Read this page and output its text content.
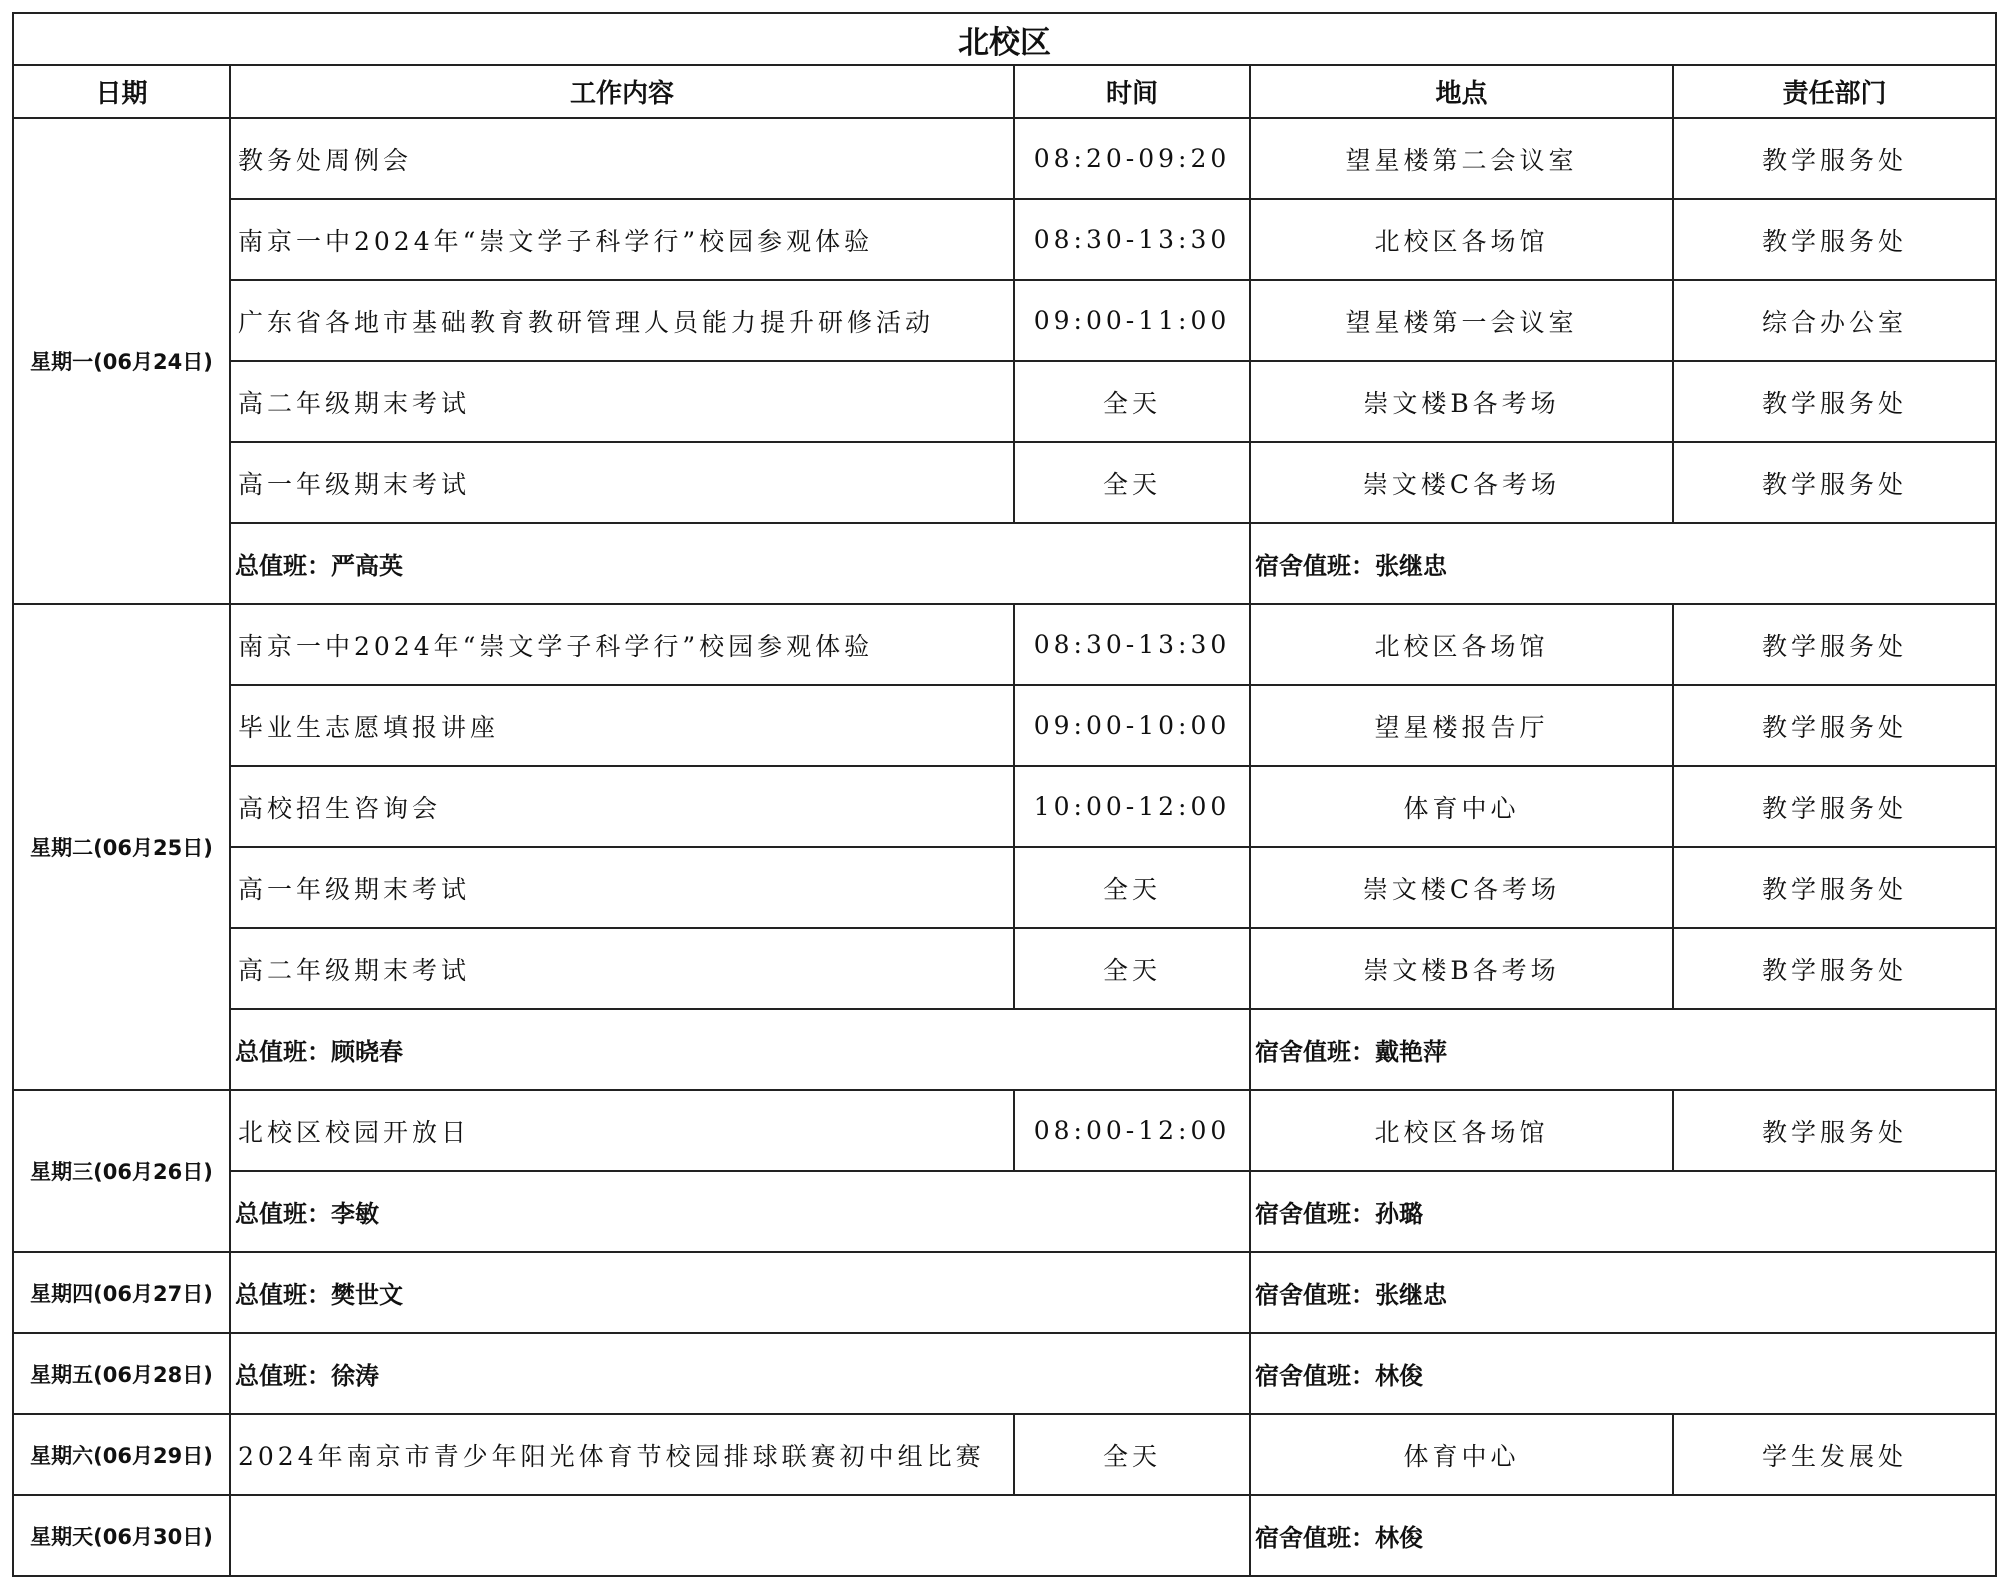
北校区				
日期	工作内容	时间	地点	责任部门
星期一(06月24日)	教务处周例会	08:20-09:20	望星楼第二会议室	教学服务处
	南京一中2024年“崇文学子科学行”校园参观体验	08:30-13:30	北校区各场馆	教学服务处
	广东省各地市基础教育教研管理人员能力提升研修活动	09:00-11:00	望星楼第一会议室	综合办公室
	高二年级期末考试	全天	崇文楼B各考场	教学服务处
	高一年级期末考试	全天	崇文楼C各考场	教学服务处
	总值班：严高英		宿舍值班：张继忠	
星期二(06月25日)	南京一中2024年“崇文学子科学行”校园参观体验	08:30-13:30	北校区各场馆	教学服务处
	毕业生志愿填报讲座	09:00-10:00	望星楼报告厅	教学服务处
	高校招生咨询会	10:00-12:00	体育中心	教学服务处
	高一年级期末考试	全天	崇文楼C各考场	教学服务处
	高二年级期末考试	全天	崇文楼B各考场	教学服务处
	总值班：顾晓春		宿舍值班：戴艳萍	
星期三(06月26日)	北校区校园开放日	08:00-12:00	北校区各场馆	教学服务处
	总值班：李敏		宿舍值班：孙璐	
星期四(06月27日)	总值班：樊世文		宿舍值班：张继忠	
星期五(06月28日)	总值班：徐涛		宿舍值班：林俊	
星期六(06月29日)	2024年南京市青少年阳光体育节校园排球联赛初中组比赛	全天	体育中心	学生发展处
星期天(06月30日)			宿舍值班：林俊	
